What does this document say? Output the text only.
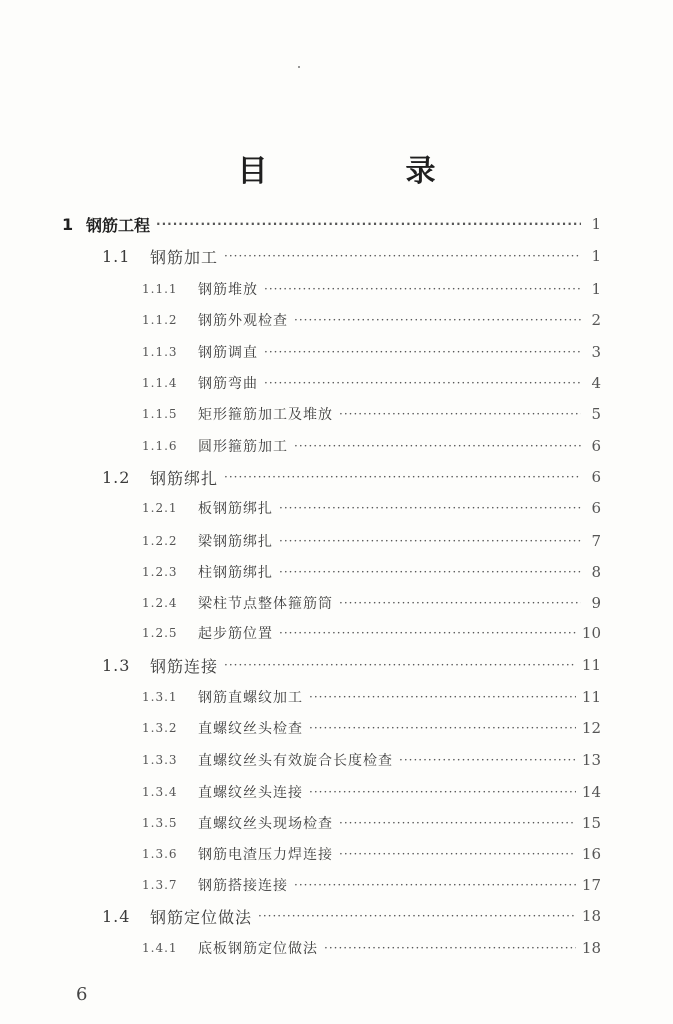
目　录
1 钢筋工程 ·····	1
1.1	钢筋加工 ·····	1
1.1.1	钢筋堆放 ·····	1
1.1.2	钢筋外观检查 ·····	2
1.1.3	钢筋调直 ·····	3
1.1.4	钢筋弯曲 ·····	4
1.1.5	矩形箍筋加工及堆放 ·····	5
1.1.6	圆形箍筋加工 ·····	6
1.2	钢筋绑扎 ·····	6
1.2.1	板钢筋绑扎 ·····	6
1.2.2	梁钢筋绑扎 ·····	7
1.2.3	柱钢筋绑扎 ·····	8
1.2.4	梁柱节点整体箍筋筒 ·····	9
1.2.5	起步筋位置 ·····	10
1.3	钢筋连接 ·····	11
1.3.1	钢筋直螺纹加工 ·····	11
1.3.2	直螺纹丝头检查 ·····	12
1.3.3	直螺纹丝头有效旋合长度检查 ·····	13
1.3.4	直螺纹丝头连接 ·····	14
1.3.5	直螺纹丝头现场检查 ·····	15
1.3.6	钢筋电渣压力焊连接 ·····	16
1.3.7	钢筋搭接连接 ·····	17
1.4	钢筋定位做法 ·····	18
1.4.1	底板钢筋定位做法 ·····	18
6
